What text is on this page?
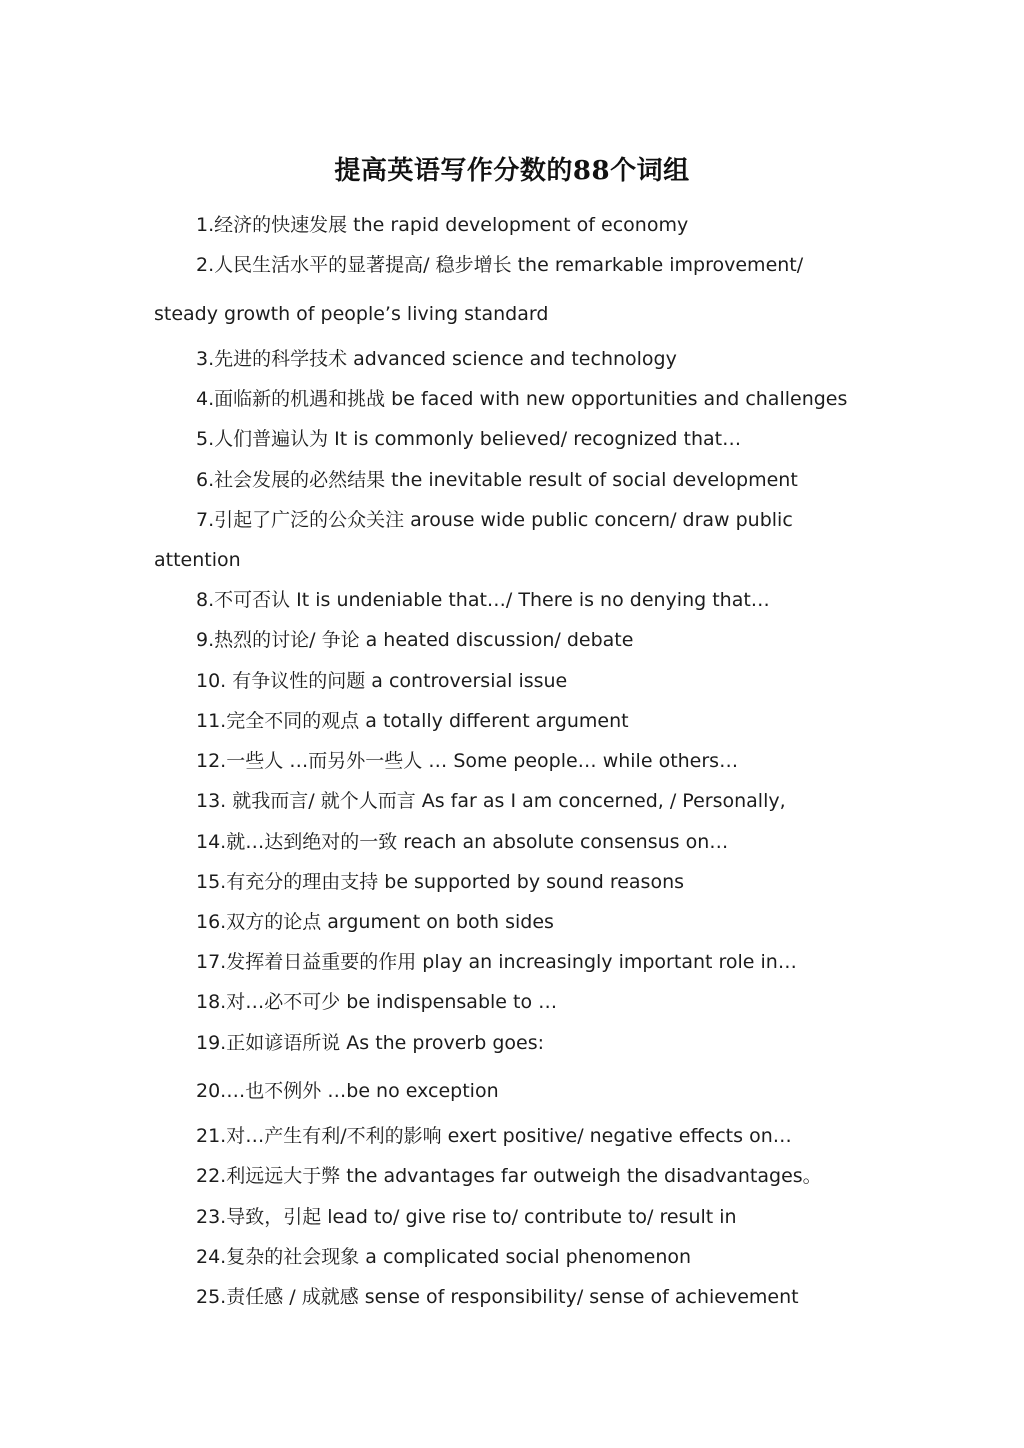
提高英语写作分数的88个词组
1.经济的快速发展 the rapid development of economy
2.人民生活水平的显著提高/ 稳步增长 the remarkable improvement/
steady growth of people’s living standard
3.先进的科学技术 advanced science and technology
4.面临新的机遇和挑战 be faced with new opportunities and challenges
5.人们普遍认为 It is commonly believed/ recognized that…
6.社会发展的必然结果 the inevitable result of social development
7.引起了广泛的公众关注 arouse wide public concern/ draw public
attention
8.不可否认 It is undeniable that…/ There is no denying that…
9.热烈的讨论/ 争论 a heated discussion/ debate
10. 有争议性的问题 a controversial issue
11.完全不同的观点 a totally different argument
12.一些人 …而另外一些人 … Some people… while others…
13. 就我而言/ 就个人而言 As far as I am concerned, / Personally,
14.就…达到绝对的一致 reach an absolute consensus on…
15.有充分的理由支持 be supported by sound reasons
16.双方的论点 argument on both sides
17.发挥着日益重要的作用 play an increasingly important role in…
18.对…必不可少 be indispensable to …
19.正如谚语所说 As the proverb goes:
20.…也不例外 …be no exception
21.对…产生有利/不利的影响 exert positive/ negative effects on…
22.利远远大于弊 the advantages far outweigh the disadvantages。
23.导致，引起 lead to/ give rise to/ contribute to/ result in
24.复杂的社会现象 a complicated social phenomenon
25.责任感 / 成就感 sense of responsibility/ sense of achievement
